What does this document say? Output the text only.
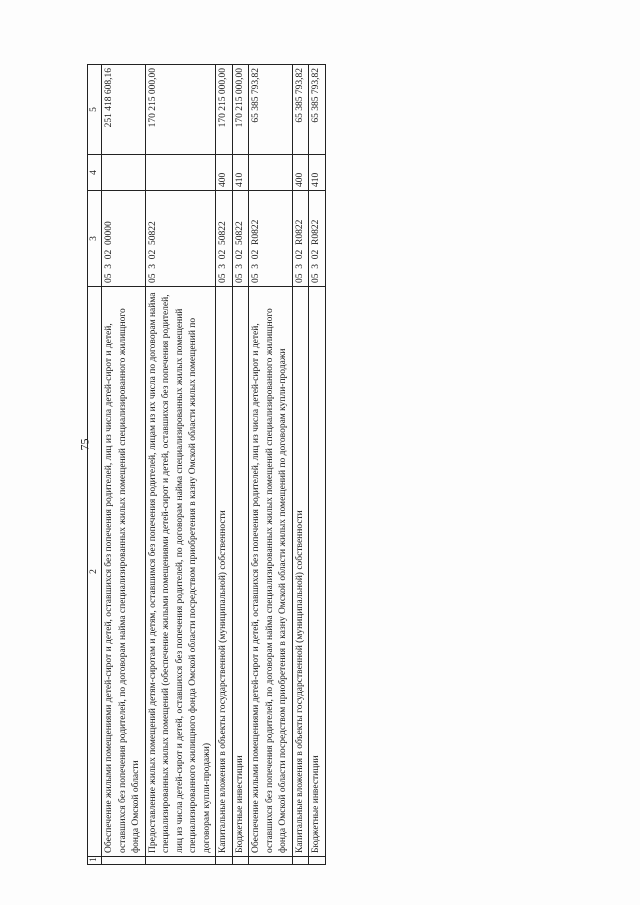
75
1	2	3	4	5
	Обеспечение жилыми помещениями детей-сирот и детей, оставшихся без попечения родителей, лиц из числа детей-сирот и детей, оставшихся без попечения родителей, по договорам найма специализированных жилых помещений специализированного жилищного фонда Омской области	05  3  02  00000		251 418 608,16
	Предоставление жилых помещений детям-сиротам и детям, оставшимся без попечения родителей, лицам из их числа по договорам найма специализированных жилых помещений (обеспечение жилыми помещениями детей-сирот и детей, оставшихся без попечения родителей, лиц из числа детей-сирот и детей, оставшихся без попечения родителей, по договорам найма специализированных жилых помещений специализированного жилищного фонда Омской области посредством приобретения в казну Омской области жилых помещений по договорам купли-продажи)	05  3  02  50822		170 215 000,00
	Капитальные вложения в объекты государственной (муниципальной) собственности	05  3  02  50822	400	170 215 000,00
	Бюджетные инвестиции	05  3  02  50822	410	170 215 000,00
	Обеспечение жилыми помещениями детей-сирот и детей, оставшихся без попечения родителей, лиц из числа детей-сирот и детей, оставшихся без попечения родителей, по договорам найма специализированных жилых помещений специализированного жилищного фонда Омской области посредством приобретения в казну Омской области жилых помещений по договорам купли-продажи	05  3  02  R0822		65 385 793,82
	Капитальные вложения в объекты государственной (муниципальной) собственности	05  3  02  R0822	400	65 385 793,82
	Бюджетные инвестиции	05  3  02  R0822	410	65 385 793,82
